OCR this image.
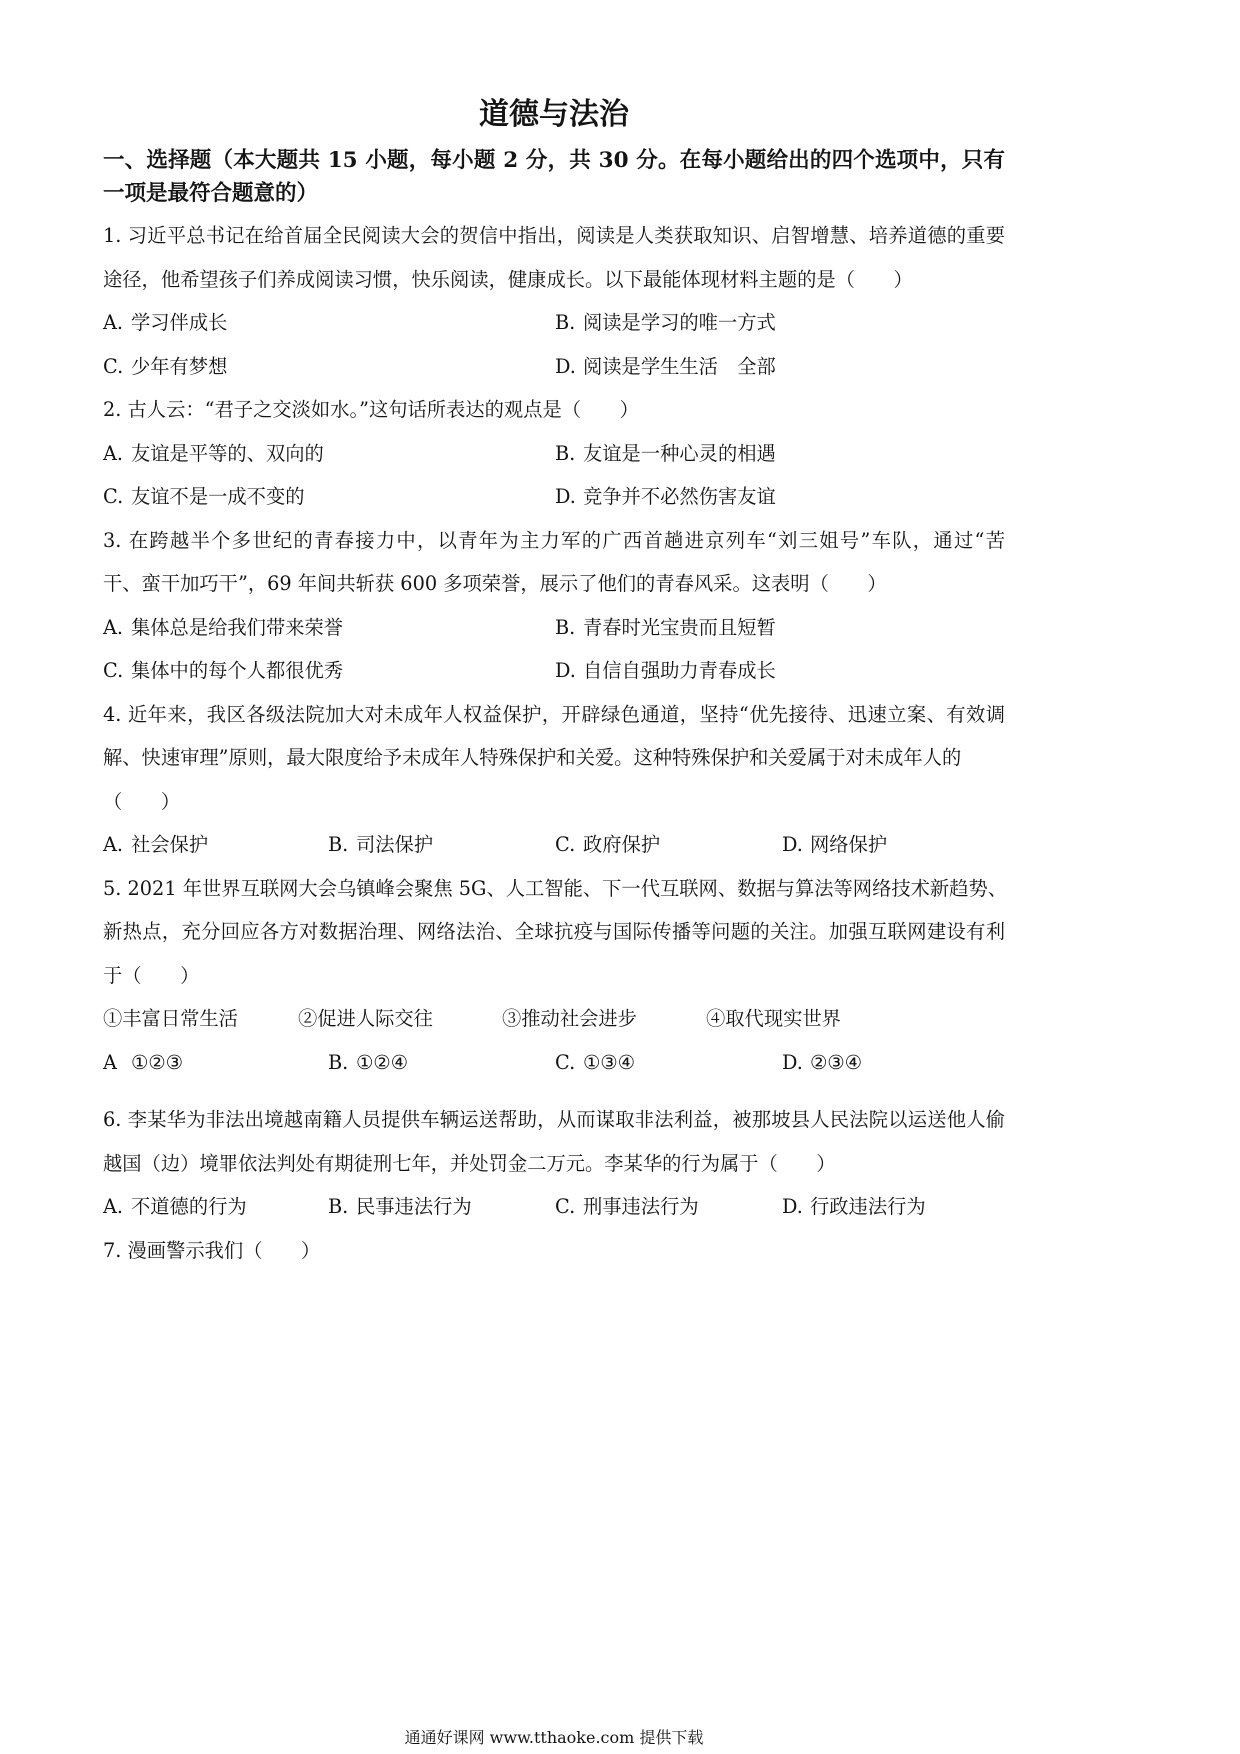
道德与法治
一、选择题（本大题共 15 小题，每小题 2 分，共 30 分。在每小题给出的四个选项中，只有
一项是最符合题意的）
1. 习近平总书记在给首届全民阅读大会的贺信中指出，阅读是人类获取知识、启智增慧、培养道德的重要
途径，他希望孩子们养成阅读习惯，快乐阅读，健康成长。以下最能体现材料主题的是（　　）
A. 学习伴成长	B. 阅读是学习的唯一方式
C. 少年有梦想	D. 阅读是学生生活　全部
2. 古人云：“君子之交淡如水。”这句话所表达的观点是（　　）
A. 友谊是平等的、双向的	B. 友谊是一种心灵的相遇
C. 友谊不是一成不变的	D. 竞争并不必然伤害友谊
3. 在跨越半个多世纪的青春接力中，以青年为主力军的广西首趟进京列车“刘三姐号”车队，通过“苦
干、蛮干加巧干”，69 年间共斩获 600 多项荣誉，展示了他们的青春风采。这表明（　　）
A. 集体总是给我们带来荣誉	B. 青春时光宝贵而且短暂
C. 集体中的每个人都很优秀	D. 自信自强助力青春成长
4. 近年来，我区各级法院加大对未成年人权益保护，开辟绿色通道，坚持“优先接待、迅速立案、有效调
解、快速审理”原则，最大限度给予未成年人特殊保护和关爱。这种特殊保护和关爱属于对未成年人的
（　　）
A. 社会保护	B. 司法保护	C. 政府保护	D. 网络保护
5. 2021 年世界互联网大会乌镇峰会聚焦 5G、人工智能、下一代互联网、数据与算法等网络技术新趋势、
新热点，充分回应各方对数据治理、网络法治、全球抗疫与国际传播等问题的关注。加强互联网建设有利
于（　　）
①丰富日常生活	②促进人际交往	③推动社会进步	④取代现实世界
A ①②③	B. ①②④	C. ①③④	D. ②③④
6. 李某华为非法出境越南籍人员提供车辆运送帮助，从而谋取非法利益，被那坡县人民法院以运送他人偷
越国（边）境罪依法判处有期徒刑七年，并处罚金二万元。李某华的行为属于（　　）
A. 不道德的行为	B. 民事违法行为	C. 刑事违法行为	D. 行政违法行为
7. 漫画警示我们（　　）
通通好课网 www.tthaoke.com 提供下载
